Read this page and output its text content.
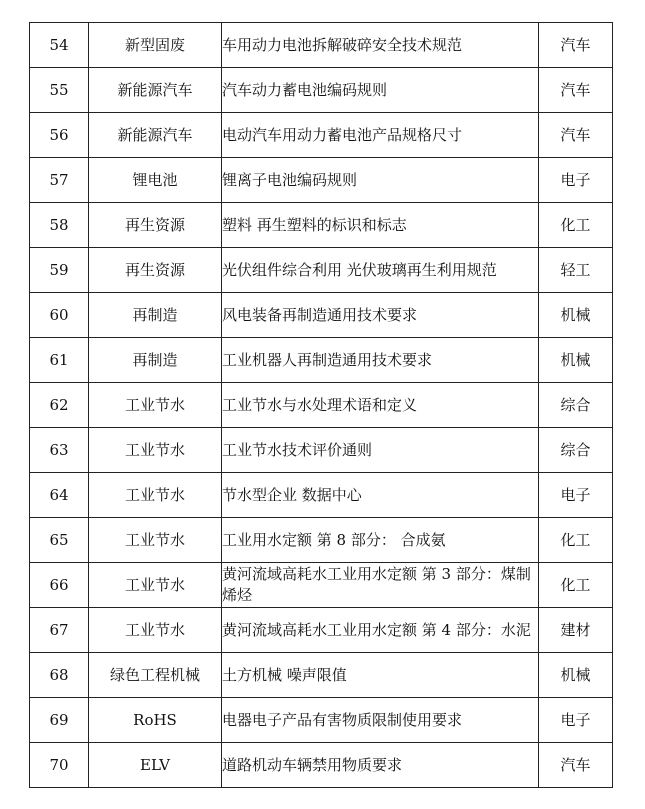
54	新型固废	车用动力电池拆解破碎安全技术规范	汽车
55	新能源汽车	汽车动力蓄电池编码规则	汽车
56	新能源汽车	电动汽车用动力蓄电池产品规格尺寸	汽车
57	锂电池	锂离子电池编码规则	电子
58	再生资源	塑料 再生塑料的标识和标志	化工
59	再生资源	光伏组件综合利用 光伏玻璃再生利用规范	轻工
60	再制造	风电装备再制造通用技术要求	机械
61	再制造	工业机器人再制造通用技术要求	机械
62	工业节水	工业节水与水处理术语和定义	综合
63	工业节水	工业节水技术评价通则	综合
64	工业节水	节水型企业 数据中心	电子
65	工业节水	工业用水定额 第 8 部分： 合成氨	化工
66	工业节水	黄河流域高耗水工业用水定额 第 3 部分：煤制烯烃	化工
67	工业节水	黄河流域高耗水工业用水定额 第 4 部分：水泥	建材
68	绿色工程机械	土方机械 噪声限值	机械
69	RoHS	电器电子产品有害物质限制使用要求	电子
70	ELV	道路机动车辆禁用物质要求	汽车
